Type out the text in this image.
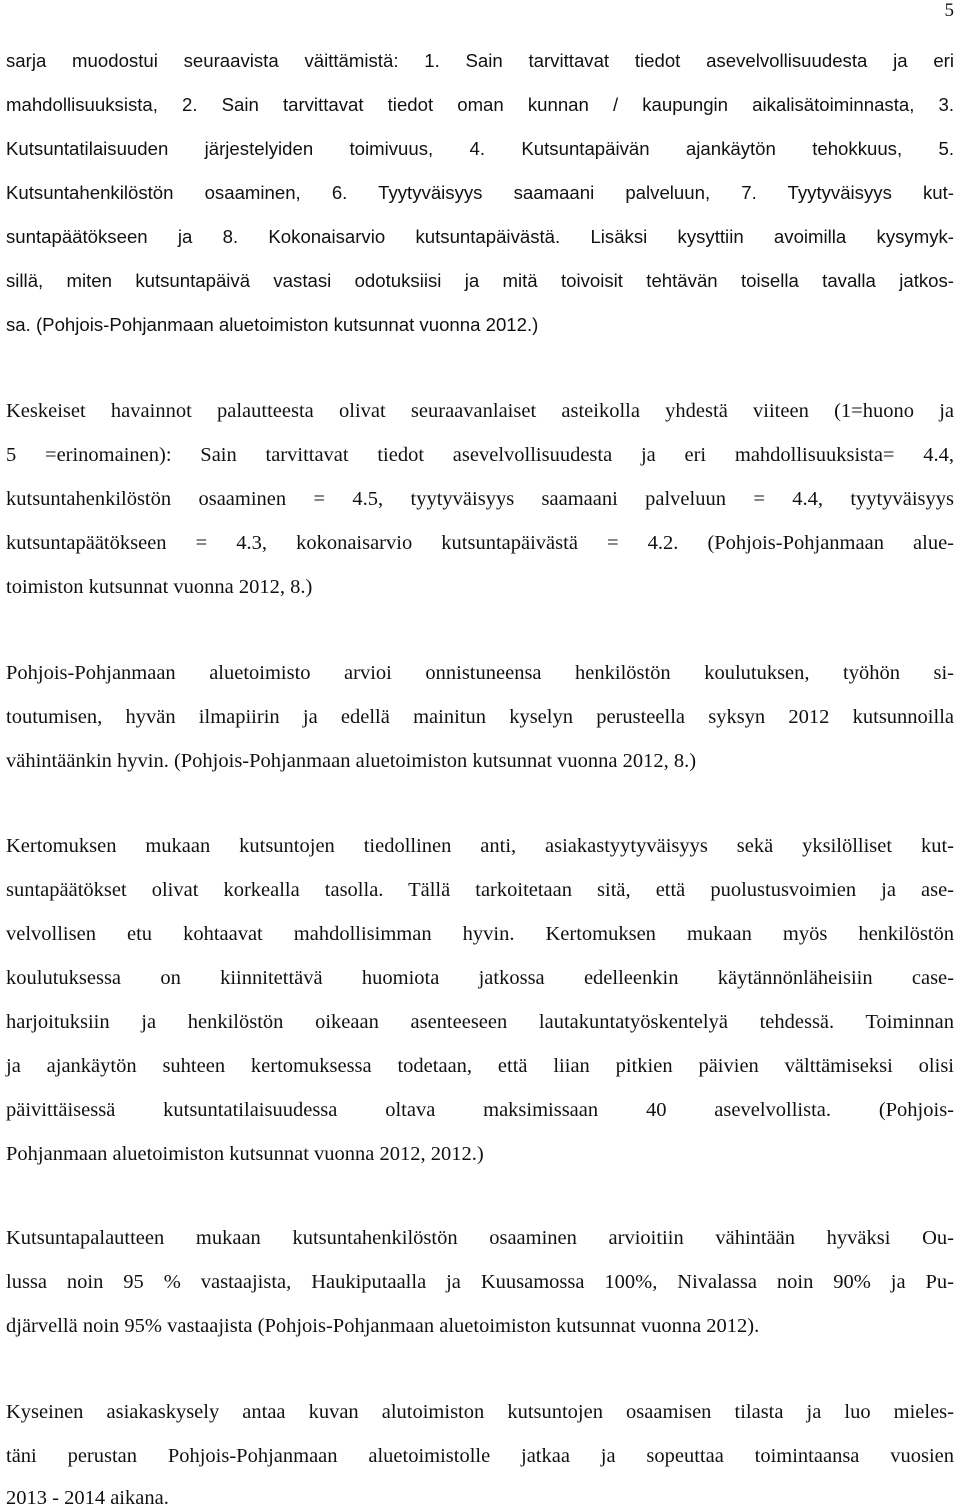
5

sarja muodostui seuraavista väittämistä: 1. Sain tarvittavat tiedot asevelvollisuudesta ja eri

mahdollisuuksista, 2. Sain tarvittavat tiedot oman kunnan / kaupungin aikalisätoiminnasta, 3.

Kutsuntatilaisuuden järjestelyiden toimivuus, 4. Kutsuntapäivän ajankäytön tehokkuus, 5.

Kutsuntahenkilöstön osaaminen, 6. Tyytyväisyys saamaani palveluun, 7. Tyytyväisyys kut-

suntapäätökseen ja 8. Kokonaisarvio kutsuntapäivästä. Lisäksi kysyttiin avoimilla kysymyk-

sillä, miten kutsuntapäivä vastasi odotuksiisi ja mitä toivoisit tehtävän toisella tavalla jatkos-

sa. (Pohjois-Pohjanmaan aluetoimiston kutsunnat vuonna 2012.)

Keskeiset havainnot palautteesta olivat seuraavanlaiset asteikolla yhdestä viiteen (1=huono ja

5 =erinomainen): Sain tarvittavat tiedot asevelvollisuudesta ja eri mahdollisuuksista= 4.4,

kutsuntahenkilöstön osaaminen = 4.5, tyytyväisyys saamaani palveluun = 4.4, tyytyväisyys

kutsuntapäätökseen = 4.3, kokonaisarvio kutsuntapäivästä = 4.2. (Pohjois-Pohjanmaan alue-

toimiston kutsunnat vuonna 2012, 8.)

Pohjois-Pohjanmaan aluetoimisto arvioi onnistuneensa henkilöstön koulutuksen, työhön si-

toutumisen, hyvän ilmapiirin ja edellä mainitun kyselyn perusteella syksyn 2012 kutsunnoilla

vähintäänkin hyvin. (Pohjois-Pohjanmaan aluetoimiston kutsunnat vuonna 2012, 8.)

Kertomuksen mukaan kutsuntojen tiedollinen anti, asiakastyytyväisyys sekä yksilölliset kut-

suntapäätökset olivat korkealla tasolla. Tällä tarkoitetaan sitä, että puolustusvoimien ja ase-

velvollisen etu kohtaavat mahdollisimman hyvin. Kertomuksen mukaan myös henkilöstön

koulutuksessa on kiinnitettävä huomiota jatkossa edelleenkin käytännönläheisiin case-

harjoituksiin ja henkilöstön oikeaan asenteeseen lautakuntatyöskentelyä tehdessä. Toiminnan

ja ajankäytön suhteen kertomuksessa todetaan, että liian pitkien päivien välttämiseksi olisi

päivittäisessä kutsuntatilaisuudessa oltava maksimissaan 40 asevelvollista. (Pohjois-

Pohjanmaan aluetoimiston kutsunnat vuonna 2012, 2012.)

Kutsuntapalautteen mukaan kutsuntahenkilöstön osaaminen arvioitiin vähintään hyväksi Ou-

lussa noin 95 % vastaajista, Haukiputaalla ja Kuusamossa 100%, Nivalassa noin 90% ja Pu-

djärvellä noin 95% vastaajista (Pohjois-Pohjanmaan aluetoimiston kutsunnat vuonna 2012).

Kyseinen asiakaskysely antaa kuvan alutoimiston kutsuntojen osaamisen tilasta ja luo mieles-

täni perustan Pohjois-Pohjanmaan aluetoimistolle jatkaa ja sopeuttaa toimintaansa vuosien

2013 - 2014 aikana.
